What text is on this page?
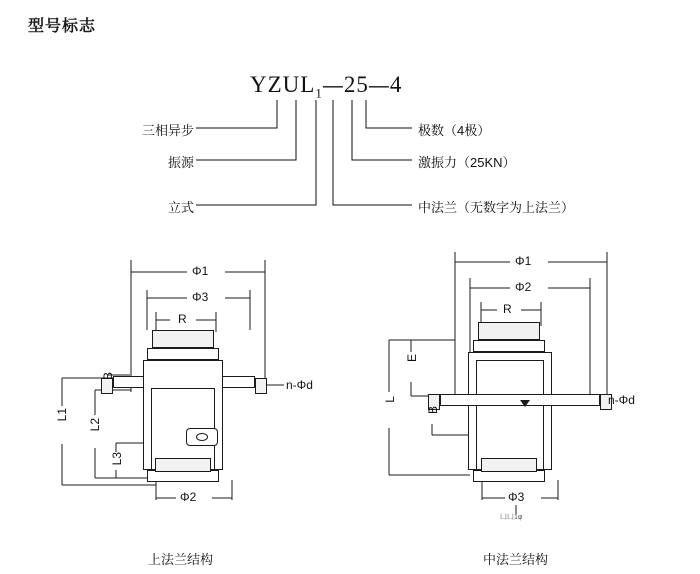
型号标志
$YZUL_1—25—4$
三相异步
振源
立式
极数（4极）
激振力（25KN）
中法兰（无数字为上法兰）
Φ1
Φ3
R
Φ2
L1
L2
L3
B
n-Φd
上法兰结构
Φ1
Φ2
R
Φ3
E
L
B
n-Φd
凵凵1φ
中法兰结构
